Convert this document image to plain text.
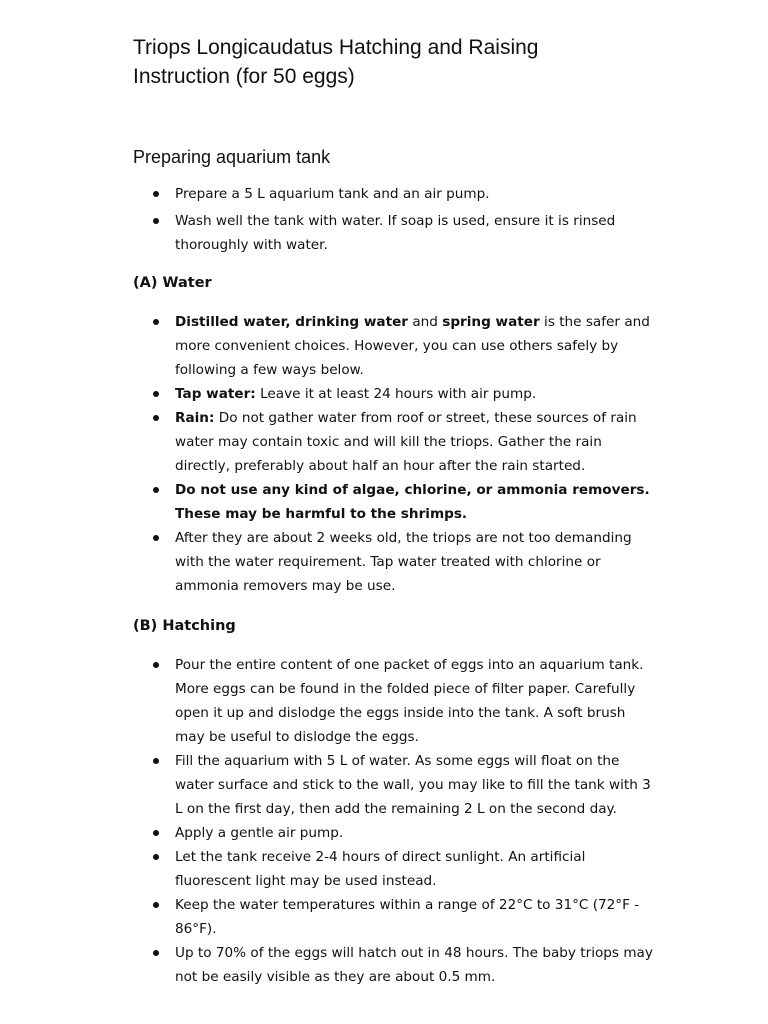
Triops Longicaudatus Hatching and Raising
Instruction (for 50 eggs)
Preparing aquarium tank
Prepare a 5 L aquarium tank and an air pump.
Wash well the tank with water. If soap is used, ensure it is rinsed thoroughly with water.
(A) Water
Distilled water, drinking water and spring water is the safer and more convenient choices. However, you can use others safely by following a few ways below.
Tap water: Leave it at least 24 hours with air pump.
Rain: Do not gather water from roof or street, these sources of rain water may contain toxic and will kill the triops. Gather the rain directly, preferably about half an hour after the rain started.
Do not use any kind of algae, chlorine, or ammonia removers. These may be harmful to the shrimps.
After they are about 2 weeks old, the triops are not too demanding with the water requirement. Tap water treated with chlorine or ammonia removers may be use.
(B) Hatching
Pour the entire content of one packet of eggs into an aquarium tank. More eggs can be found in the folded piece of filter paper. Carefully open it up and dislodge the eggs inside into the tank. A soft brush may be useful to dislodge the eggs.
Fill the aquarium with 5 L of water. As some eggs will float on the water surface and stick to the wall, you may like to fill the tank with 3 L on the first day, then add the remaining 2 L on the second day.
Apply a gentle air pump.
Let the tank receive 2-4 hours of direct sunlight. An artificial fluorescent light may be used instead.
Keep the water temperatures within a range of 22°C to 31°C (72°F - 86°F).
Up to 70% of the eggs will hatch out in 48 hours. The baby triops may not be easily visible as they are about 0.5 mm.
